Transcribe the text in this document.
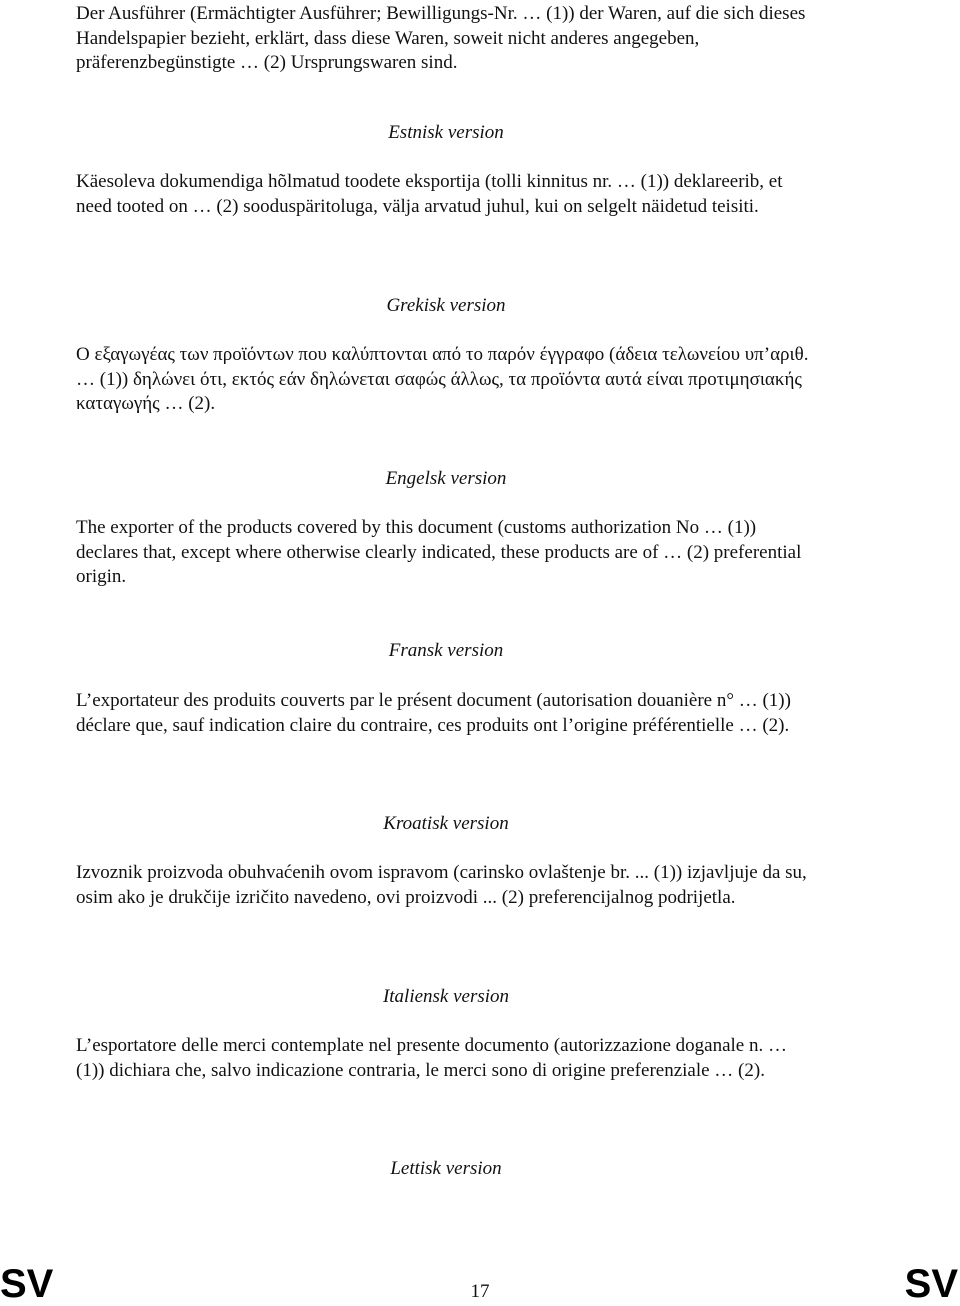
Der Ausführer (Ermächtigter Ausführer; Bewilligungs-Nr. … (1)) der Waren, auf die sich dieses Handelspapier bezieht, erklärt, dass diese Waren, soweit nicht anderes angegeben, präferenzbegünstigte … (2) Ursprungswaren sind.

Estnisk version

Käesoleva dokumendiga hõlmatud toodete eksportija (tolli kinnitus nr. … (1)) deklareerib, et need tooted on … (2) sooduspäritoluga, välja arvatud juhul, kui on selgelt näidetud teisiti.

Grekisk version

Ο εξαγωγέας των προϊόντων που καλύπτονται από το παρόν έγγραφο (άδεια τελωνείου υπ’αριθ. … (1)) δηλώνει ότι, εκτός εάν δηλώνεται σαφώς άλλως, τα προϊόντα αυτά είναι προτιμησιακής καταγωγής … (2).

Engelsk version

The exporter of the products covered by this document (customs authorization No … (1)) declares that, except where otherwise clearly indicated, these products are of … (2) preferential origin.

Fransk version

L’exportateur des produits couverts par le présent document (autorisation douanière n° … (1)) déclare que, sauf indication claire du contraire, ces produits ont l’origine préférentielle … (2).

Kroatisk version

Izvoznik proizvoda obuhvaćenih ovom ispravom (carinsko ovlaštenje br. ... (1)) izjavljuje da su, osim ako je drukčije izričito navedeno, ovi proizvodi ... (2) preferencijalnog podrijetla.

Italiensk version

L’esportatore delle merci contemplate nel presente documento (autorizzazione doganale n. … (1)) dichiara che, salvo indicazione contraria, le merci sono di origine preferenziale … (2).

Lettisk version

SV	17	SV
